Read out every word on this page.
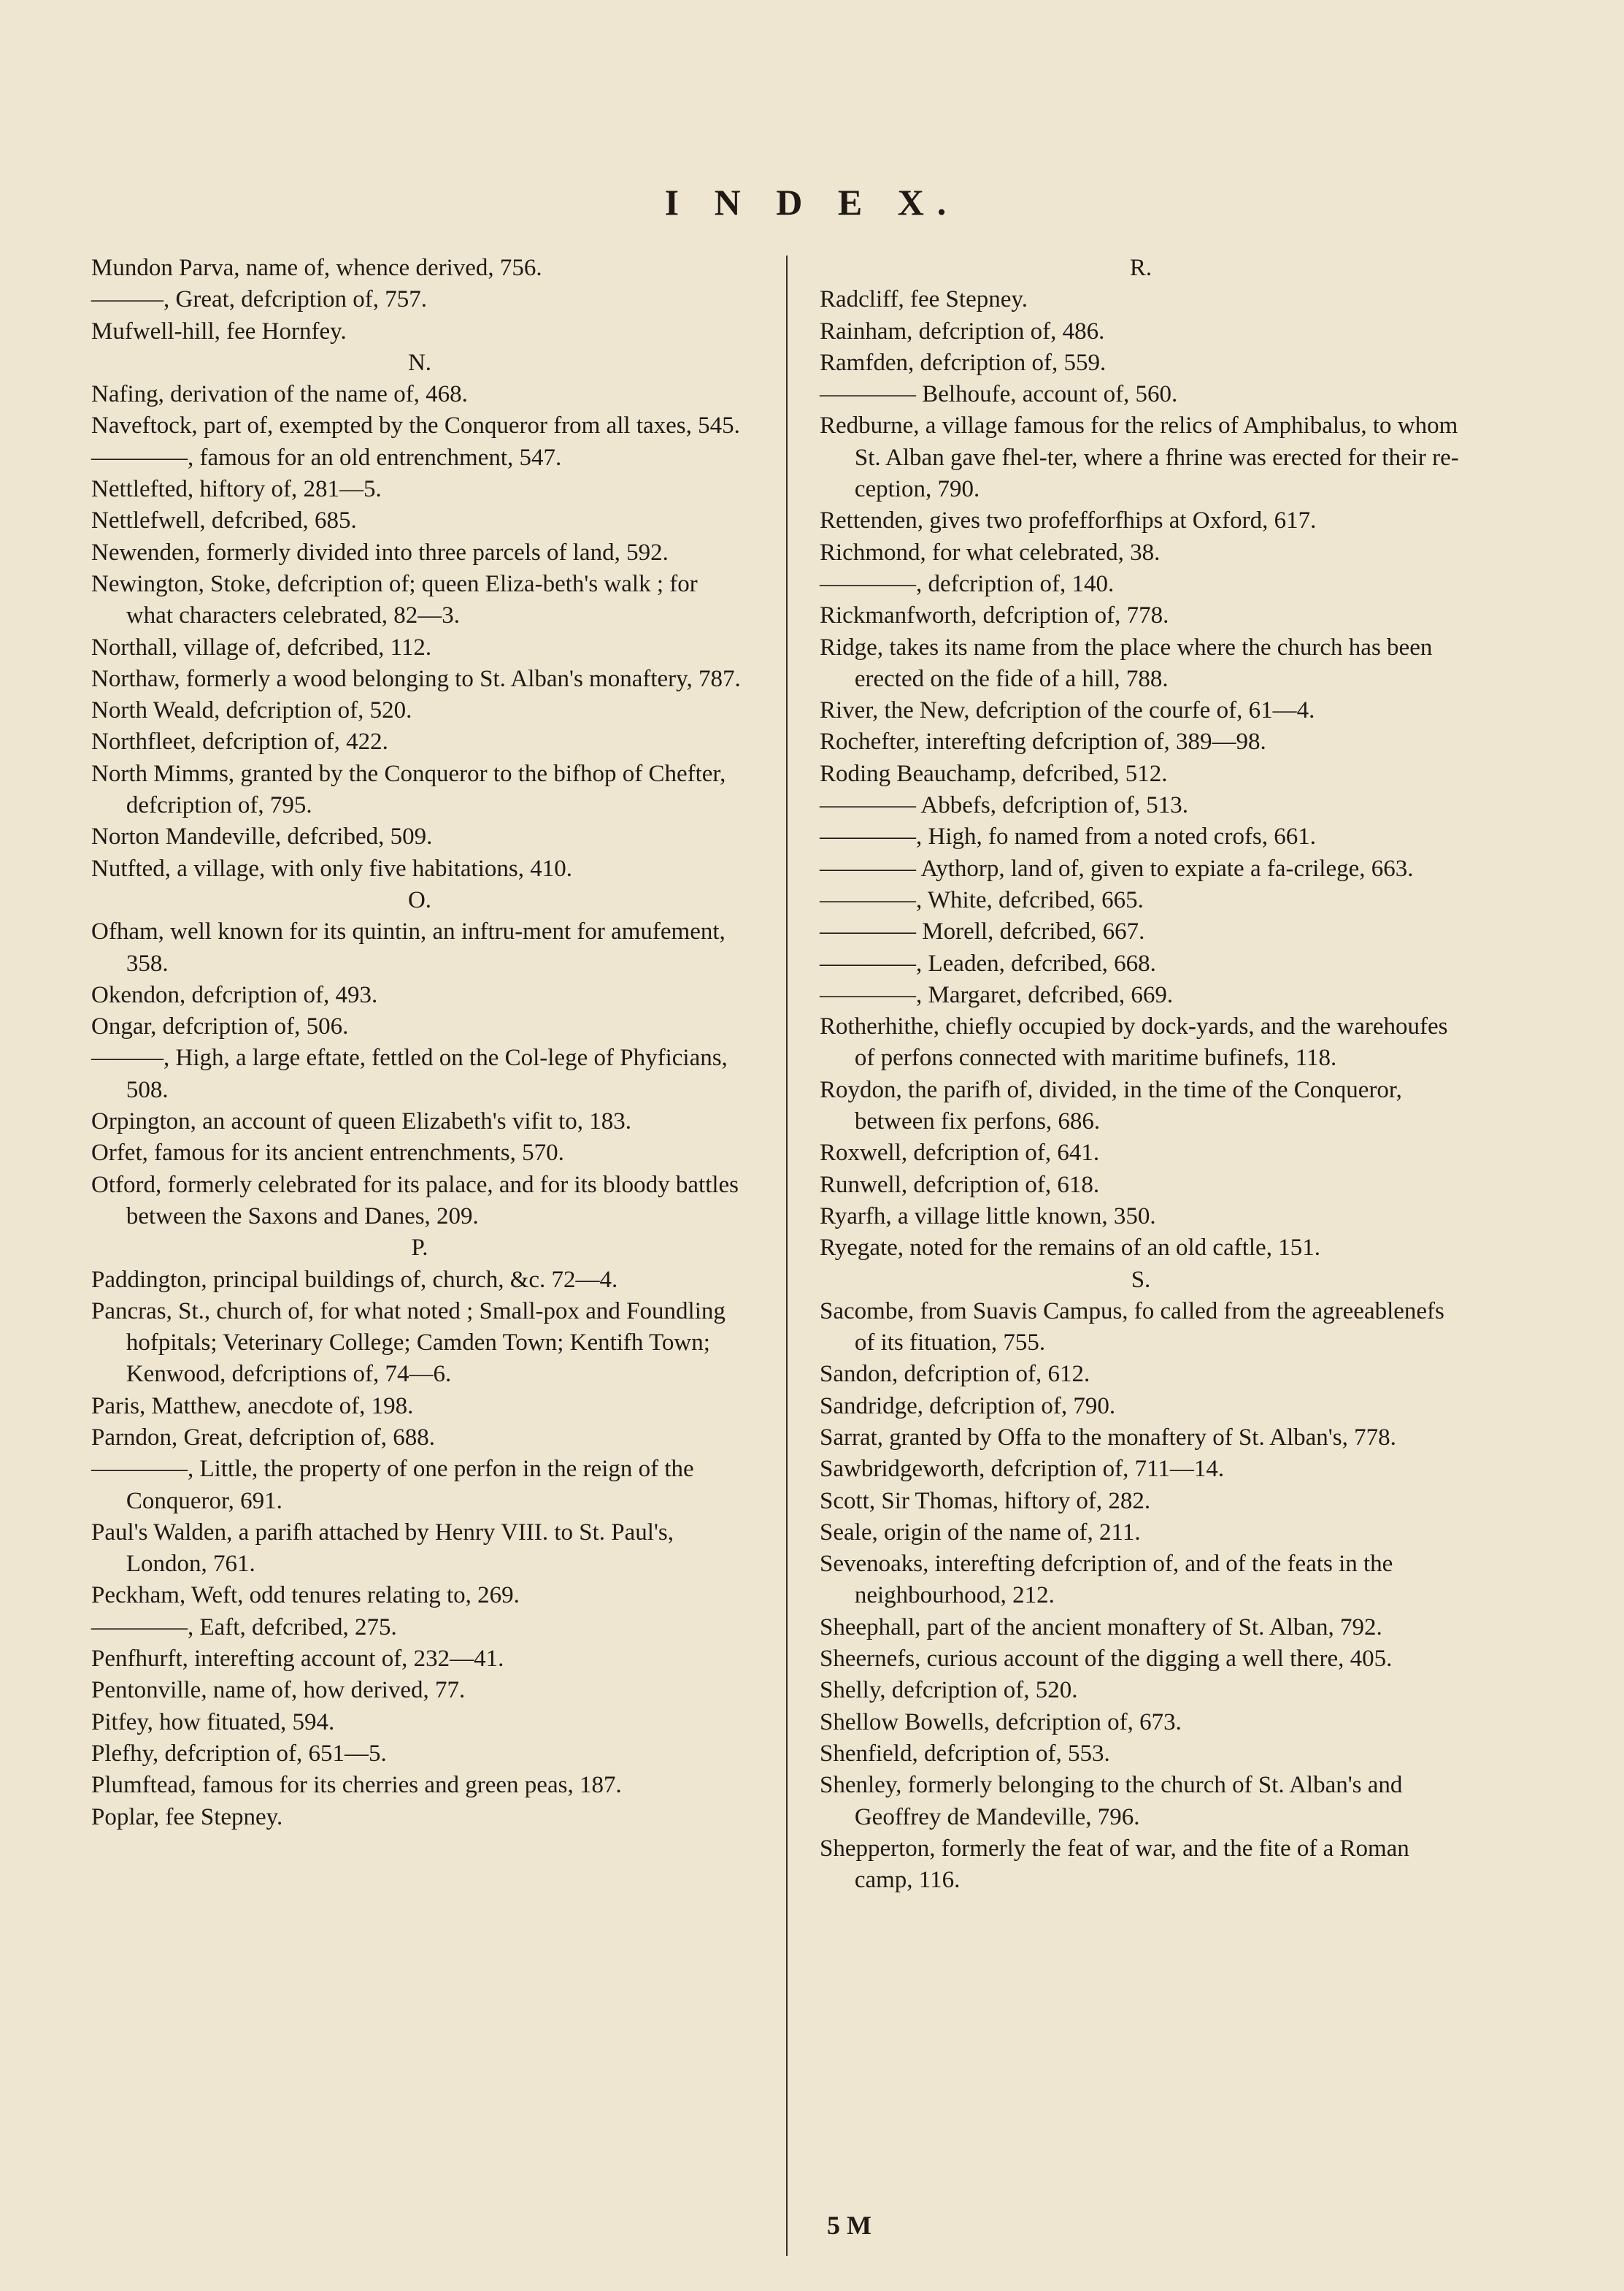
I N D E X.
Mundon Parva, name of, whence derived, 756.
———, Great, defcription of, 757.
Mufwell-hill, fee Hornfey.
N.
Nafing, derivation of the name of, 468.
Naveftock, part of, exempted by the Conqueror from all taxes, 545.
————, famous for an old entrenchment, 547.
Nettlefted, hiftory of, 281—5.
Nettlefwell, defcribed, 685.
Newenden, formerly divided into three parcels of land, 592.
Newington, Stoke, defcription of; queen Eliza-beth's walk ; for what characters celebrated, 82—3.
Northall, village of, defcribed, 112.
Northaw, formerly a wood belonging to St. Alban's monaftery, 787.
North Weald, defcription of, 520.
Northfleet, defcription of, 422.
North Mimms, granted by the Conqueror to the bifhop of Chefter, defcription of, 795.
Norton Mandeville, defcribed, 509.
Nutfted, a village, with only five habitations, 410.
O.
Ofham, well known for its quintin, an inftru-ment for amufement, 358.
Okendon, defcription of, 493.
Ongar, defcription of, 506.
———, High, a large eftate, fettled on the Col-lege of Phyficians, 508.
Orpington, an account of queen Elizabeth's vifit to, 183.
Orfet, famous for its ancient entrenchments, 570.
Otford, formerly celebrated for its palace, and for its bloody battles between the Saxons and Danes, 209.
P.
Paddington, principal buildings of, church, &c. 72—4.
Pancras, St., church of, for what noted ; Small-pox and Foundling hofpitals; Veterinary College; Camden Town; Kentifh Town; Kenwood, defcriptions of, 74—6.
Paris, Matthew, anecdote of, 198.
Parndon, Great, defcription of, 688.
————, Little, the property of one perfon in the reign of the Conqueror, 691.
Paul's Walden, a parifh attached by Henry VIII. to St. Paul's, London, 761.
Peckham, Weft, odd tenures relating to, 269.
————, Eaft, defcribed, 275.
Penfhurft, interefting account of, 232—41.
Pentonville, name of, how derived, 77.
Pitfey, how fituated, 594.
Plefhy, defcription of, 651—5.
Plumftead, famous for its cherries and green peas, 187.
Poplar, fee Stepney.
R.
Radcliff, fee Stepney.
Rainham, defcription of, 486.
Ramfden, defcription of, 559.
———— Belhoufe, account of, 560.
Redburne, a village famous for the relics of Amphibalus, to whom St. Alban gave fhel-ter, where a fhrine was erected for their re-ception, 790.
Rettenden, gives two profefforfhips at Oxford, 617.
Richmond, for what celebrated, 38.
————, defcription of, 140.
Rickmanfworth, defcription of, 778.
Ridge, takes its name from the place where the church has been erected on the fide of a hill, 788.
River, the New, defcription of the courfe of, 61—4.
Rochefter, interefting defcription of, 389—98.
Roding Beauchamp, defcribed, 512.
———— Abbefs, defcription of, 513.
————, High, fo named from a noted crofs, 661.
———— Aythorp, land of, given to expiate a fa-crilege, 663.
————, White, defcribed, 665.
———— Morell, defcribed, 667.
————, Leaden, defcribed, 668.
————, Margaret, defcribed, 669.
Rotherhithe, chiefly occupied by dock-yards, and the warehoufes of perfons connected with maritime bufinefs, 118.
Roydon, the parifh of, divided, in the time of the Conqueror, between fix perfons, 686.
Roxwell, defcription of, 641.
Runwell, defcription of, 618.
Ryarfh, a village little known, 350.
Ryegate, noted for the remains of an old caftle, 151.
S.
Sacombe, from Suavis Campus, fo called from the agreeablenefs of its fituation, 755.
Sandon, defcription of, 612.
Sandridge, defcription of, 790.
Sarrat, granted by Offa to the monaftery of St. Alban's, 778.
Sawbridgeworth, defcription of, 711—14.
Scott, Sir Thomas, hiftory of, 282.
Seale, origin of the name of, 211.
Sevenoaks, interefting defcription of, and of the feats in the neighbourhood, 212.
Sheephall, part of the ancient monaftery of St. Alban, 792.
Sheernefs, curious account of the digging a well there, 405.
Shelly, defcription of, 520.
Shellow Bowells, defcription of, 673.
Shenfield, defcription of, 553.
Shenley, formerly belonging to the church of St. Alban's and Geoffrey de Mandeville, 796.
Shepperton, formerly the feat of war, and the fite of a Roman camp, 116.
5 M
